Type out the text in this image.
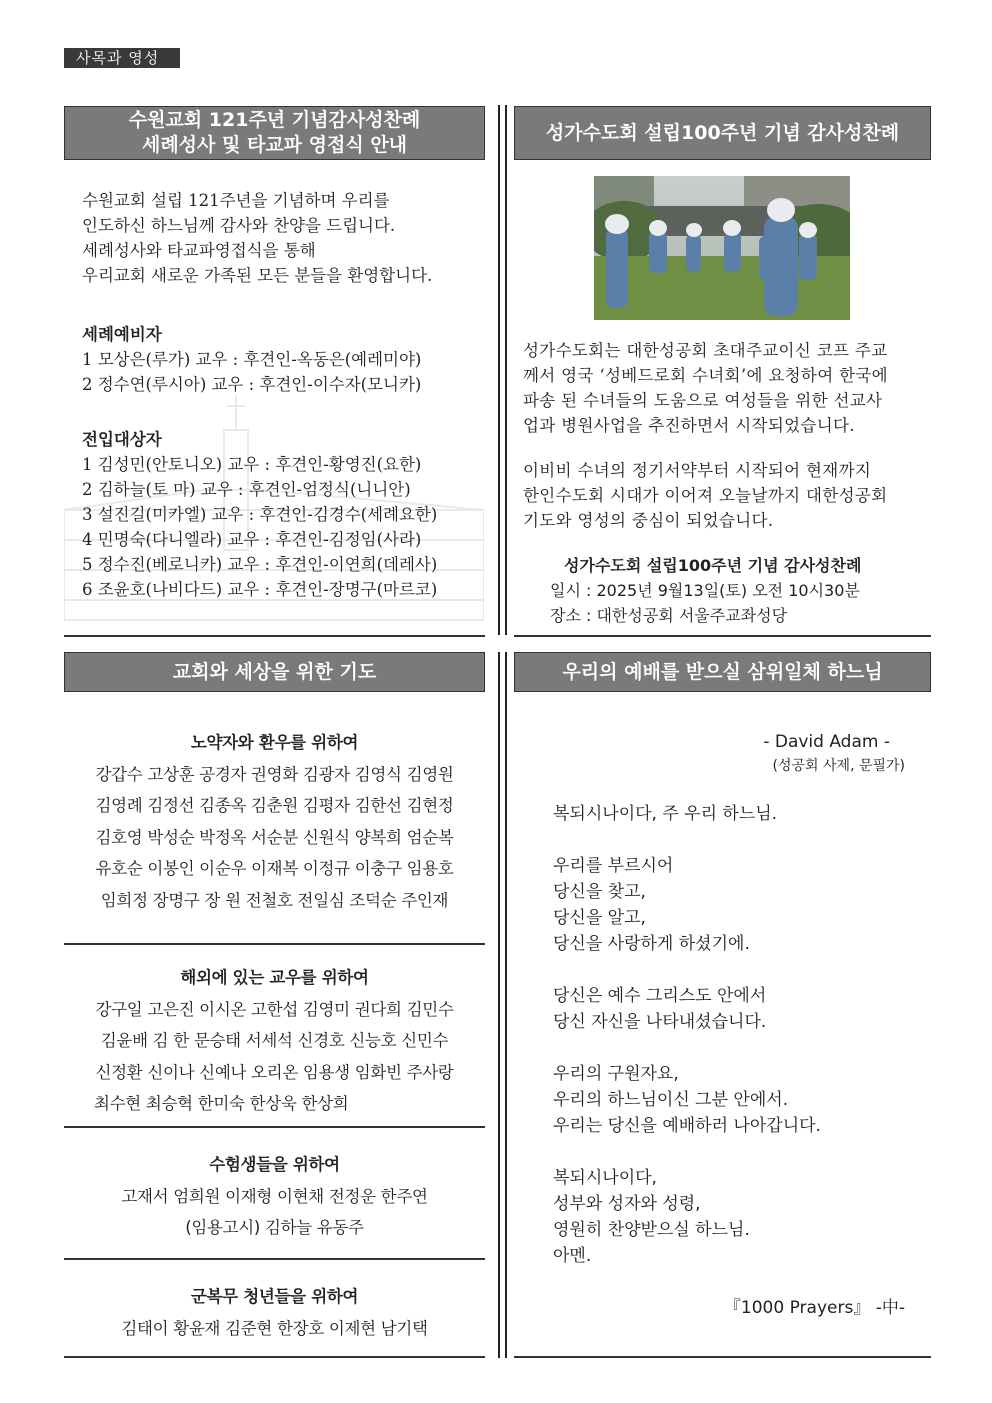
사목과 영성
수원교회 121주년 기념감사성찬례
세례성사 및 타교파 영접식 안내
수원교회 설립 121주년을 기념하며 우리를
인도하신 하느님께 감사와 찬양을 드립니다.
세례성사와 타교파영접식을 통해
우리교회 새로운 가족된 모든 분들을 환영합니다.
세례예비자
1 모상은(루가) 교우 : 후견인-옥동은(예레미야)
2 정수연(루시아) 교우 : 후견인-이수자(모니카)
전입대상자
1 김성민(안토니오) 교우 : 후견인-황영진(요한)
2 김하늘(토 마) 교우 : 후견인-엄정식(니니안)
3 설진길(미카엘) 교우 : 후견인-김경수(세례요한)
4 민명숙(다니엘라) 교우 : 후견인-김정임(사라)
5 정수진(베로니카) 교우 : 후견인-이연희(데레사)
6 조윤호(나비다드) 교우 : 후견인-장명구(마르코)
성가수도회 설립100주년 기념 감사성찬례
성가수도회는 대한성공회 초대주교이신 코프 주교
께서 영국 ‘성베드로회 수녀회’에 요청하여 한국에
파송 된 수녀들의 도움으로 여성들을 위한 선교사
업과 병원사업을 추진하면서 시작되었습니다.
이비비 수녀의 정기서약부터 시작되어 현재까지
한인수도회 시대가 이어져 오늘날까지 대한성공회
기도와 영성의 중심이 되었습니다.
성가수도회 설립100주년 기념 감사성찬례
일시 : 2025년 9월13일(토) 오전 10시30분
장소 : 대한성공회 서울주교좌성당
교회와 세상을 위한 기도
노약자와 환우를 위하여
강갑수 고상훈 공경자 권영화 김광자 김영식 김영원
김영례 김정선 김종옥 김춘원 김평자 김한선 김현정
김호영 박성순 박정옥 서순분 신원식 양복희 엄순복
유호순 이봉인 이순우 이재복 이정규 이충구 임용호
임희정 장명구 장 원 전철호 전일심 조덕순 주인재
해외에 있는 교우를 위하여
강구일 고은진 이시온 고한섭 김영미 권다희 김민수
김윤배 김 한 문승태 서세석 신경호 신능호 신민수
신정환 신이나 신예나 오리온 임용생 임화빈 주사랑
최수현 최승혁 한미숙 한상욱 한상희
수험생들을 위하여
고재서 엄희원 이재형 이현채 전정운 한주연
(임용고시) 김하늘 유동주
군복무 청년들을 위하여
김태이 황윤재 김준현 한장호 이제현 남기택
우리의 예배를 받으실 삼위일체 하느님
- David Adam -
(성공회 사제, 문필가)
복되시나이다, 주 우리 하느님.

우리를 부르시어
당신을 찾고,
당신을 알고,
당신을 사랑하게 하셨기에.

당신은 예수 그리스도 안에서
당신 자신을 나타내셨습니다.

우리의 구원자요,
우리의 하느님이신 그분 안에서.
우리는 당신을 예배하러 나아갑니다.

복되시나이다,
성부와 성자와 성령,
영원히 찬양받으실 하느님.
아멘.
『1000 Prayers』 -中-
